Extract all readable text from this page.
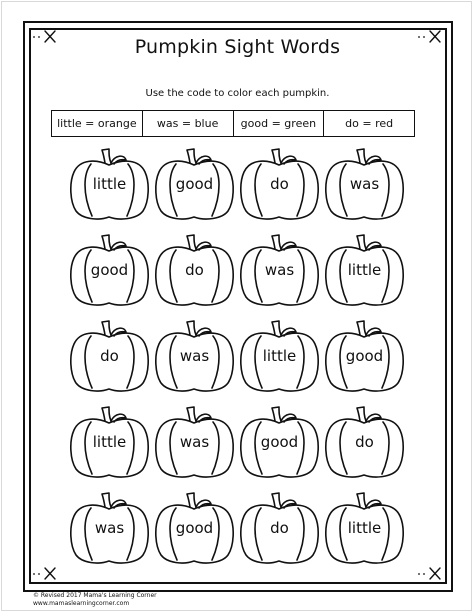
Pumpkin Sight Words
Use the code to color each pumpkin.
little = orange	was = blue	good = green	do = red
little	good	do	was
good	do	was	little
do	was	little	good
little	was	good	do
was	good	do	little
© Revised 2017 Mama's Learning Corner
www.mamaslearningcorner.com
